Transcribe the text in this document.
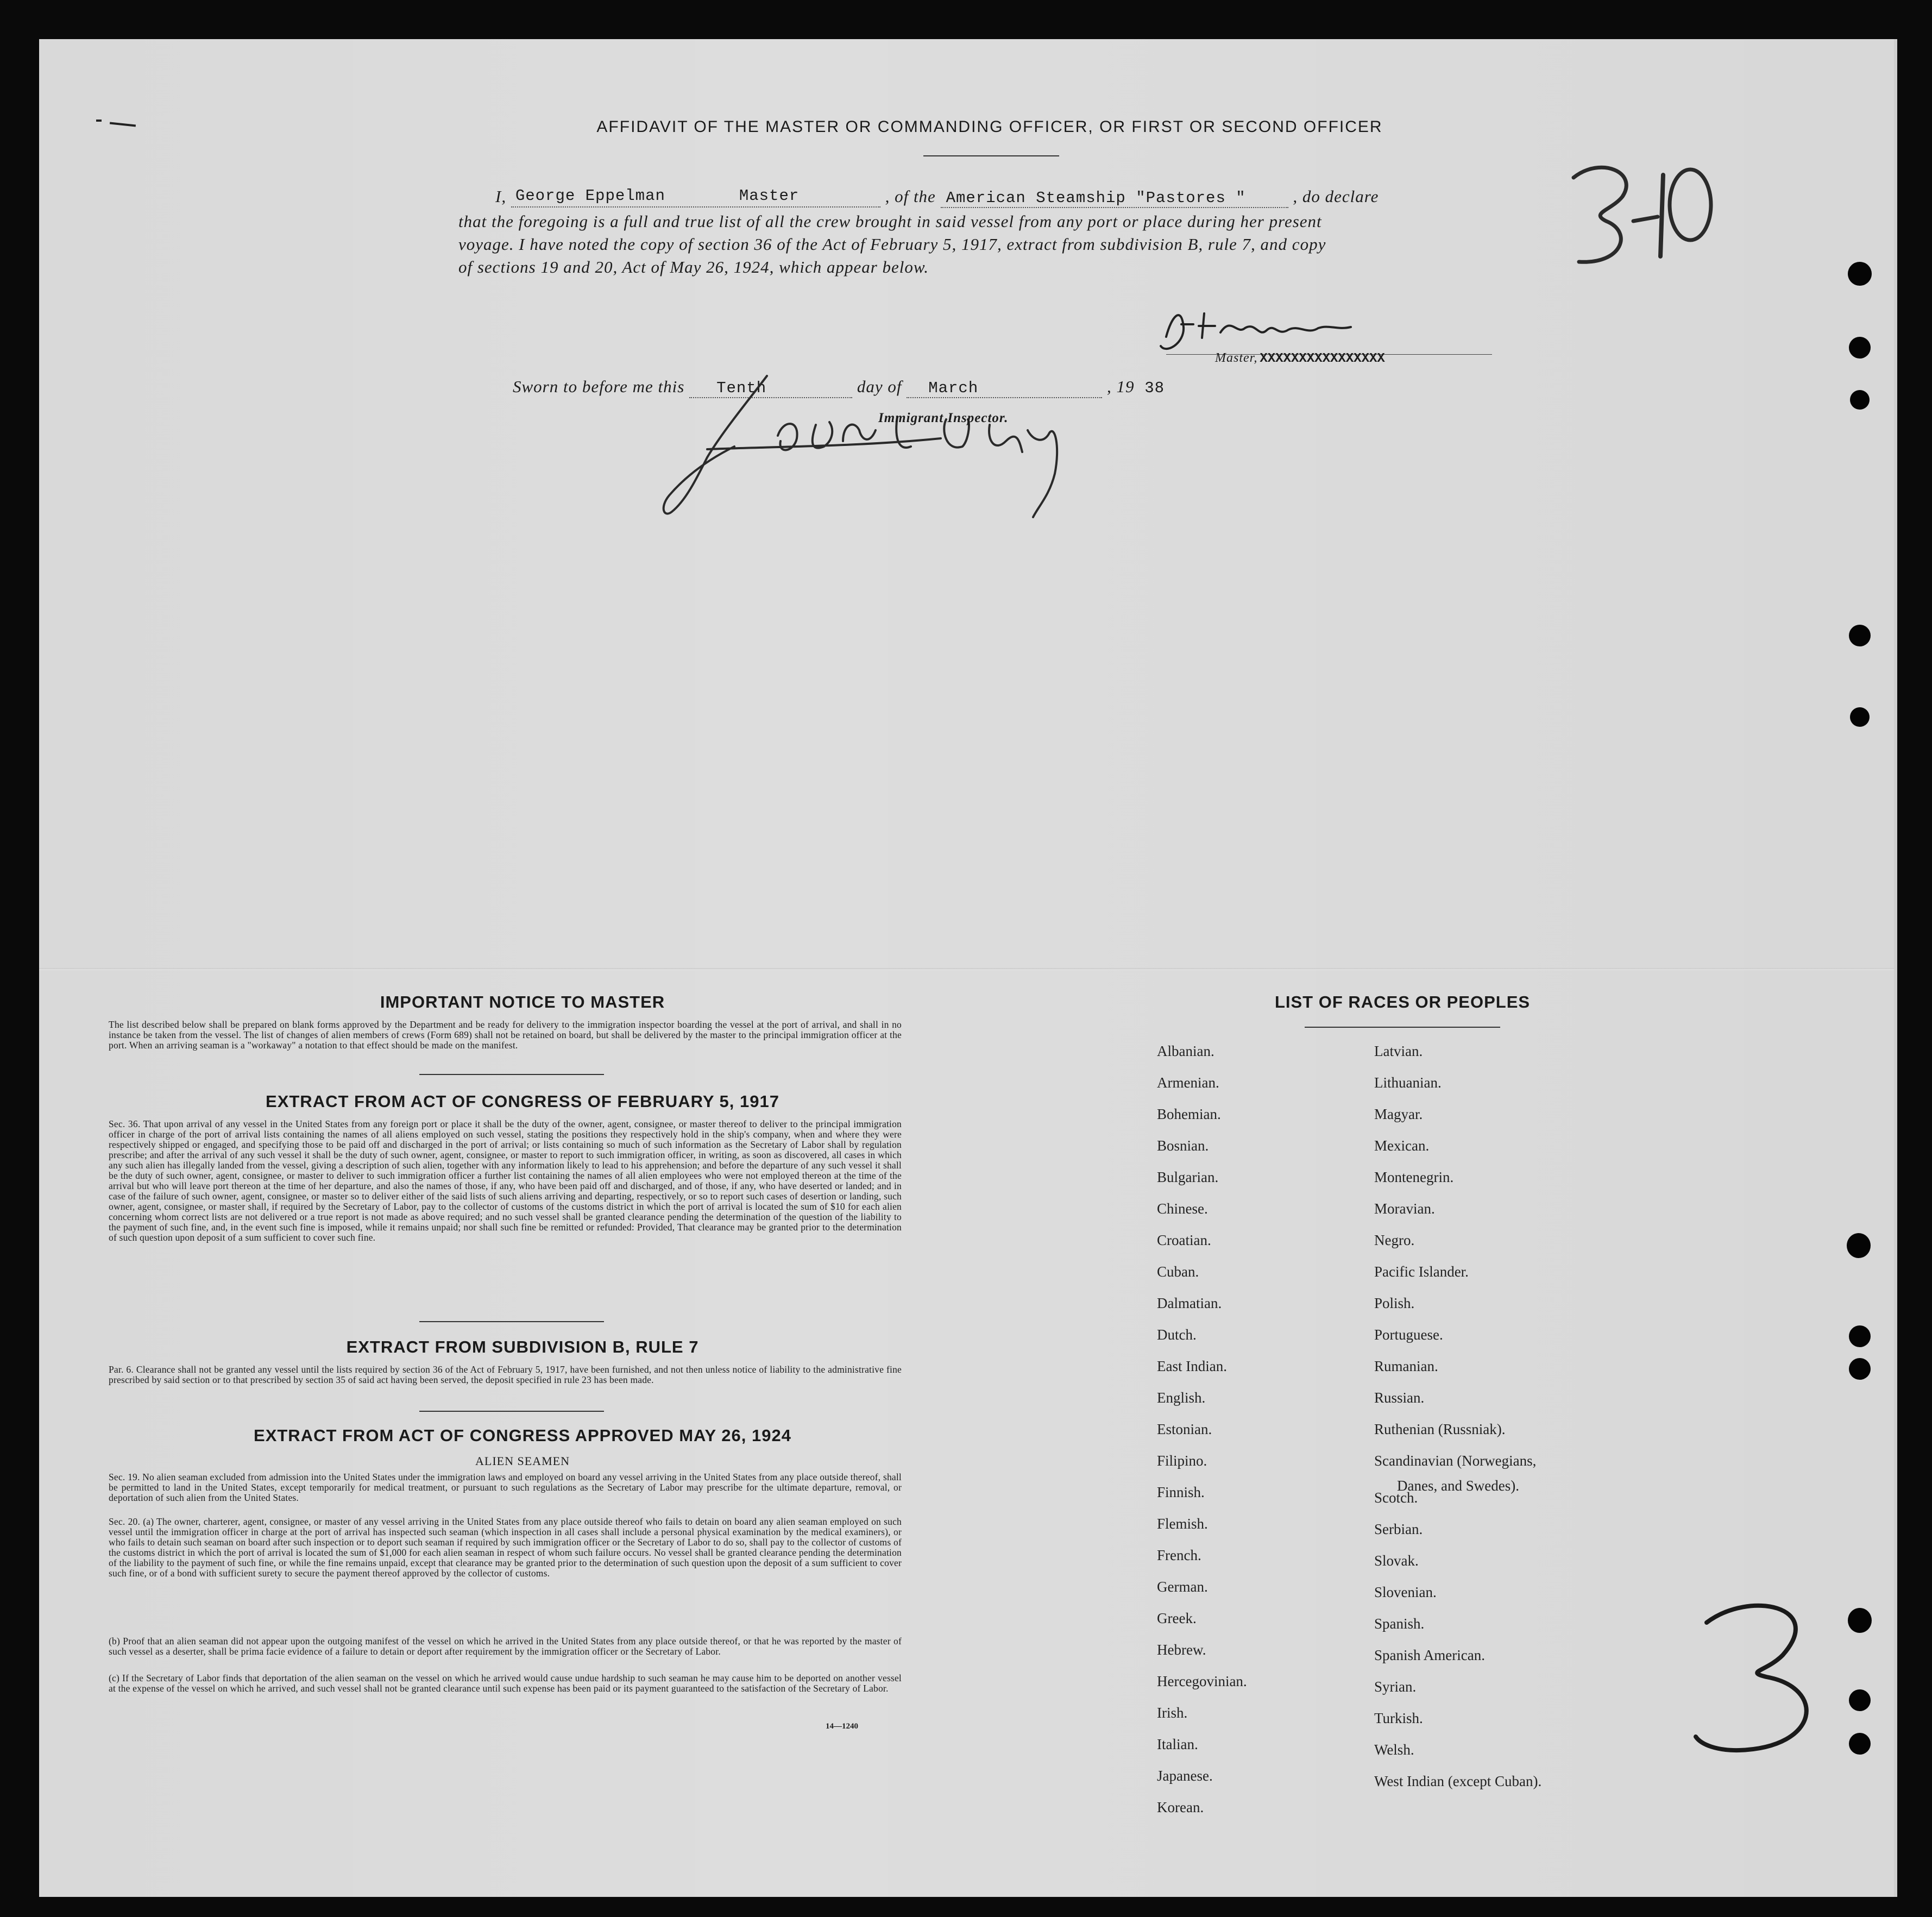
AFFIDAVIT OF THE MASTER OR COMMANDING OFFICER, OR FIRST OR SECOND OFFICER
I, George Eppelman	Master	, of the American Steamship "Pastores "	, do declare
that the foregoing is a full and true list of all the crew brought in said vessel from any port or place during her present
voyage. I have noted the copy of section 36 of the Act of February 5, 1917, extract from subdivision B, rule 7, and copy
of sections 19 and 20, Act of May 26, 1924, which appear below.
Master, XXXXXXXXXXXXXXXX
Sworn to before me this Tenth	day of March	, 19 38
Immigrant Inspector.
IMPORTANT NOTICE TO MASTER
The list described below shall be prepared on blank forms approved by the Department and be ready for delivery to the immigration inspector boarding the vessel at the port of arrival, and shall in no instance be taken from the vessel. The list of changes of alien members of crews (Form 689) shall not be retained on board, but shall be delivered by the master to the principal immigration officer at the port. When an arriving seaman is a "workaway" a notation to that effect should be made on the manifest.
EXTRACT FROM ACT OF CONGRESS OF FEBRUARY 5, 1917
Sec. 36. That upon arrival of any vessel in the United States from any foreign port or place it shall be the duty of the owner, agent, consignee, or master thereof to deliver to the principal immigration officer in charge of the port of arrival lists containing the names of all aliens employed on such vessel, stating the positions they respectively hold in the ship's company, when and where they were respectively shipped or engaged, and specifying those to be paid off and discharged in the port of arrival; or lists containing so much of such information as the Secretary of Labor shall by regulation prescribe; and after the arrival of any such vessel it shall be the duty of such owner, agent, consignee, or master to report to such immigration officer, in writing, as soon as discovered, all cases in which any such alien has illegally landed from the vessel, giving a description of such alien, together with any information likely to lead to his apprehension; and before the departure of any such vessel it shall be the duty of such owner, agent, consignee, or master to deliver to such immigration officer a further list containing the names of all alien employees who were not employed thereon at the time of the arrival but who will leave port thereon at the time of her departure, and also the names of those, if any, who have been paid off and discharged, and of those, if any, who have deserted or landed; and in case of the failure of such owner, agent, consignee, or master so to deliver either of the said lists of such aliens arriving and departing, respectively, or so to report such cases of desertion or landing, such owner, agent, consignee, or master shall, if required by the Secretary of Labor, pay to the collector of customs of the customs district in which the port of arrival is located the sum of $10 for each alien concerning whom correct lists are not delivered or a true report is not made as above required; and no such vessel shall be granted clearance pending the determination of the question of the liability to the payment of such fine, and, in the event such fine is imposed, while it remains unpaid; nor shall such fine be remitted or refunded: Provided, That clearance may be granted prior to the determination of such question upon deposit of a sum sufficient to cover such fine.
EXTRACT FROM SUBDIVISION B, RULE 7
Par. 6. Clearance shall not be granted any vessel until the lists required by section 36 of the Act of February 5, 1917, have been furnished, and not then unless notice of liability to the administrative fine prescribed by said section or to that prescribed by section 35 of said act having been served, the deposit specified in rule 23 has been made.
EXTRACT FROM ACT OF CONGRESS APPROVED MAY 26, 1924
ALIEN SEAMEN
Sec. 19. No alien seaman excluded from admission into the United States under the immigration laws and employed on board any vessel arriving in the United States from any place outside thereof, shall be permitted to land in the United States, except temporarily for medical treatment, or pursuant to such regulations as the Secretary of Labor may prescribe for the ultimate departure, removal, or deportation of such alien from the United States.
Sec. 20. (a) The owner, charterer, agent, consignee, or master of any vessel arriving in the United States from any place outside thereof who fails to detain on board any alien seaman employed on such vessel until the immigration officer in charge at the port of arrival has inspected such seaman (which inspection in all cases shall include a personal physical examination by the medical examiners), or who fails to detain such seaman on board after such inspection or to deport such seaman if required by such immigration officer or the Secretary of Labor to do so, shall pay to the collector of customs of the customs district in which the port of arrival is located the sum of $1,000 for each alien seaman in respect of whom such failure occurs. No vessel shall be granted clearance pending the determination of the liability to the payment of such fine, or while the fine remains unpaid, except that clearance may be granted prior to the determination of such question upon the deposit of a sum sufficient to cover such fine, or of a bond with sufficient surety to secure the payment thereof approved by the collector of customs.
(b) Proof that an alien seaman did not appear upon the outgoing manifest of the vessel on which he arrived in the United States from any place outside thereof, or that he was reported by the master of such vessel as a deserter, shall be prima facie evidence of a failure to detain or deport after requirement by the immigration officer or the Secretary of Labor.
(c) If the Secretary of Labor finds that deportation of the alien seaman on the vessel on which he arrived would cause undue hardship to such seaman he may cause him to be deported on another vessel at the expense of the vessel on which he arrived, and such vessel shall not be granted clearance until such expense has been paid or its payment guaranteed to the satisfaction of the Secretary of Labor.
14—1240
LIST OF RACES OR PEOPLES
Albanian.
Armenian.
Bohemian.
Bosnian.
Bulgarian.
Chinese.
Croatian.
Cuban.
Dalmatian.
Dutch.
East Indian.
English.
Estonian.
Filipino.
Finnish.
Flemish.
French.
German.
Greek.
Hebrew.
Hercegovinian.
Irish.
Italian.
Japanese.
Korean.
Latvian.
Lithuanian.
Magyar.
Mexican.
Montenegrin.
Moravian.
Negro.
Pacific Islander.
Polish.
Portuguese.
Rumanian.
Russian.
Ruthenian (Russniak).
Scandinavian (Norwegians,
Scotch.
Serbian.
Slovak.
Slovenian.
Spanish.
Spanish American.
Syrian.
Turkish.
Welsh.
West Indian (except Cuban).
Danes, and Swedes).
